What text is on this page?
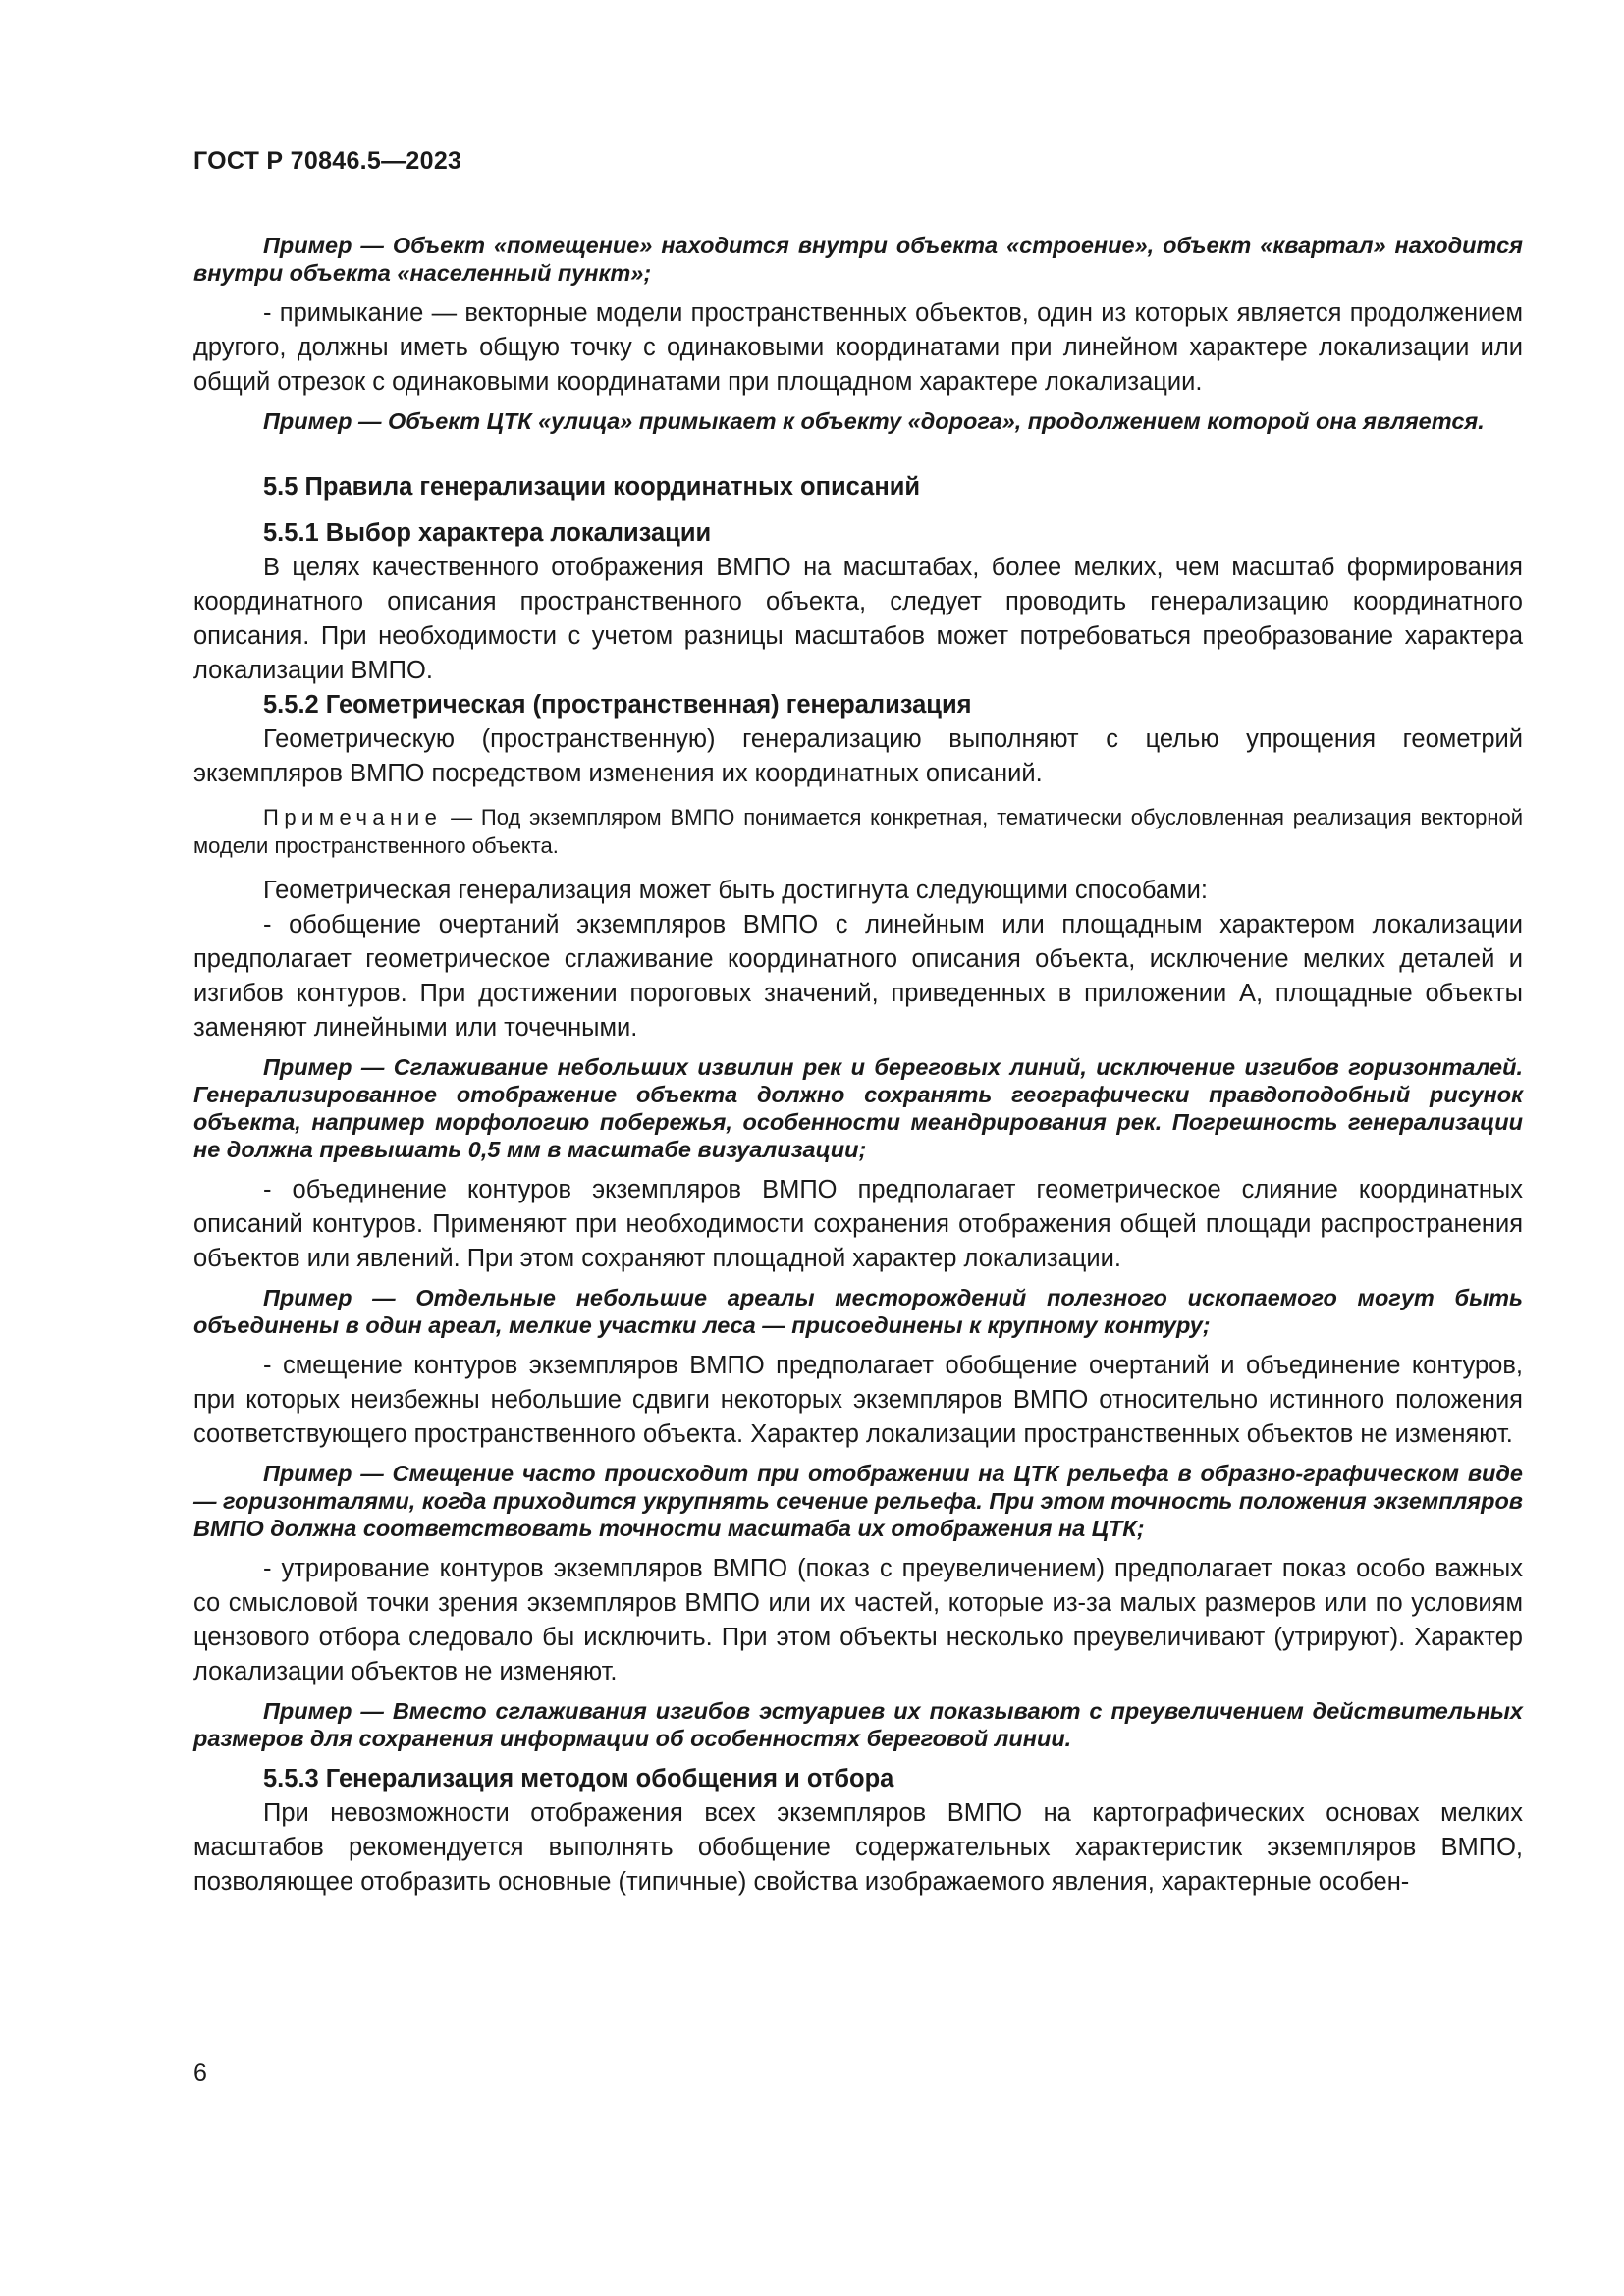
ГОСТ Р 70846.5—2023

Пример — Объект «помещение» находится внутри объекта «строение», объект «квартал» находится внутри объекта «населенный пункт»;

- примыкание — векторные модели пространственных объектов, один из которых является продолжением другого, должны иметь общую точку с одинаковыми координатами при линейном характере локализации или общий отрезок с одинаковыми координатами при площадном характере локализации.

Пример — Объект ЦТК «улица» примыкает к объекту «дорога», продолжением которой она является.

5.5 Правила генерализации координатных описаний

5.5.1 Выбор характера локализации

В целях качественного отображения ВМПО на масштабах, более мелких, чем масштаб формирования координатного описания пространственного объекта, следует проводить генерализацию координатного описания. При необходимости с учетом разницы масштабов может потребоваться преобразование характера локализации ВМПО.

5.5.2 Геометрическая (пространственная) генерализация

Геометрическую (пространственную) генерализацию выполняют с целью упрощения геометрий экземпляров ВМПО посредством изменения их координатных описаний.

Примечание — Под экземпляром ВМПО понимается конкретная, тематически обусловленная реализация векторной модели пространственного объекта.

Геометрическая генерализация может быть достигнута следующими способами:

- обобщение очертаний экземпляров ВМПО с линейным или площадным характером локализации предполагает геометрическое сглаживание координатного описания объекта, исключение мелких деталей и изгибов контуров. При достижении пороговых значений, приведенных в приложении А, площадные объекты заменяют линейными или точечными.

Пример — Сглаживание небольших извилин рек и береговых линий, исключение изгибов горизонталей. Генерализированное отображение объекта должно сохранять географически правдоподобный рисунок объекта, например морфологию побережья, особенности меандрирования рек. Погрешность генерализации не должна превышать 0,5 мм в масштабе визуализации;

- объединение контуров экземпляров ВМПО предполагает геометрическое слияние координатных описаний контуров. Применяют при необходимости сохранения отображения общей площади распространения объектов или явлений. При этом сохраняют площадной характер локализации.

Пример — Отдельные небольшие ареалы месторождений полезного ископаемого могут быть объединены в один ареал, мелкие участки леса — присоединены к крупному контуру;

- смещение контуров экземпляров ВМПО предполагает обобщение очертаний и объединение контуров, при которых неизбежны небольшие сдвиги некоторых экземпляров ВМПО относительно истинного положения соответствующего пространственного объекта. Характер локализации пространственных объектов не изменяют.

Пример — Смещение часто происходит при отображении на ЦТК рельефа в образно-графическом виде — горизонталями, когда приходится укрупнять сечение рельефа. При этом точность положения экземпляров ВМПО должна соответствовать точности масштаба их отображения на ЦТК;

- утрирование контуров экземпляров ВМПО (показ с преувеличением) предполагает показ особо важных со смысловой точки зрения экземпляров ВМПО или их частей, которые из-за малых размеров или по условиям цензового отбора следовало бы исключить. При этом объекты несколько преувеличивают (утрируют). Характер локализации объектов не изменяют.

Пример — Вместо сглаживания изгибов эстуариев их показывают с преувеличением действительных размеров для сохранения информации об особенностях береговой линии.

5.5.3 Генерализация методом обобщения и отбора

При невозможности отображения всех экземпляров ВМПО на картографических основах мелких масштабов рекомендуется выполнять обобщение содержательных характеристик экземпляров ВМПО, позволяющее отобразить основные (типичные) свойства изображаемого явления, характерные особен-

6
